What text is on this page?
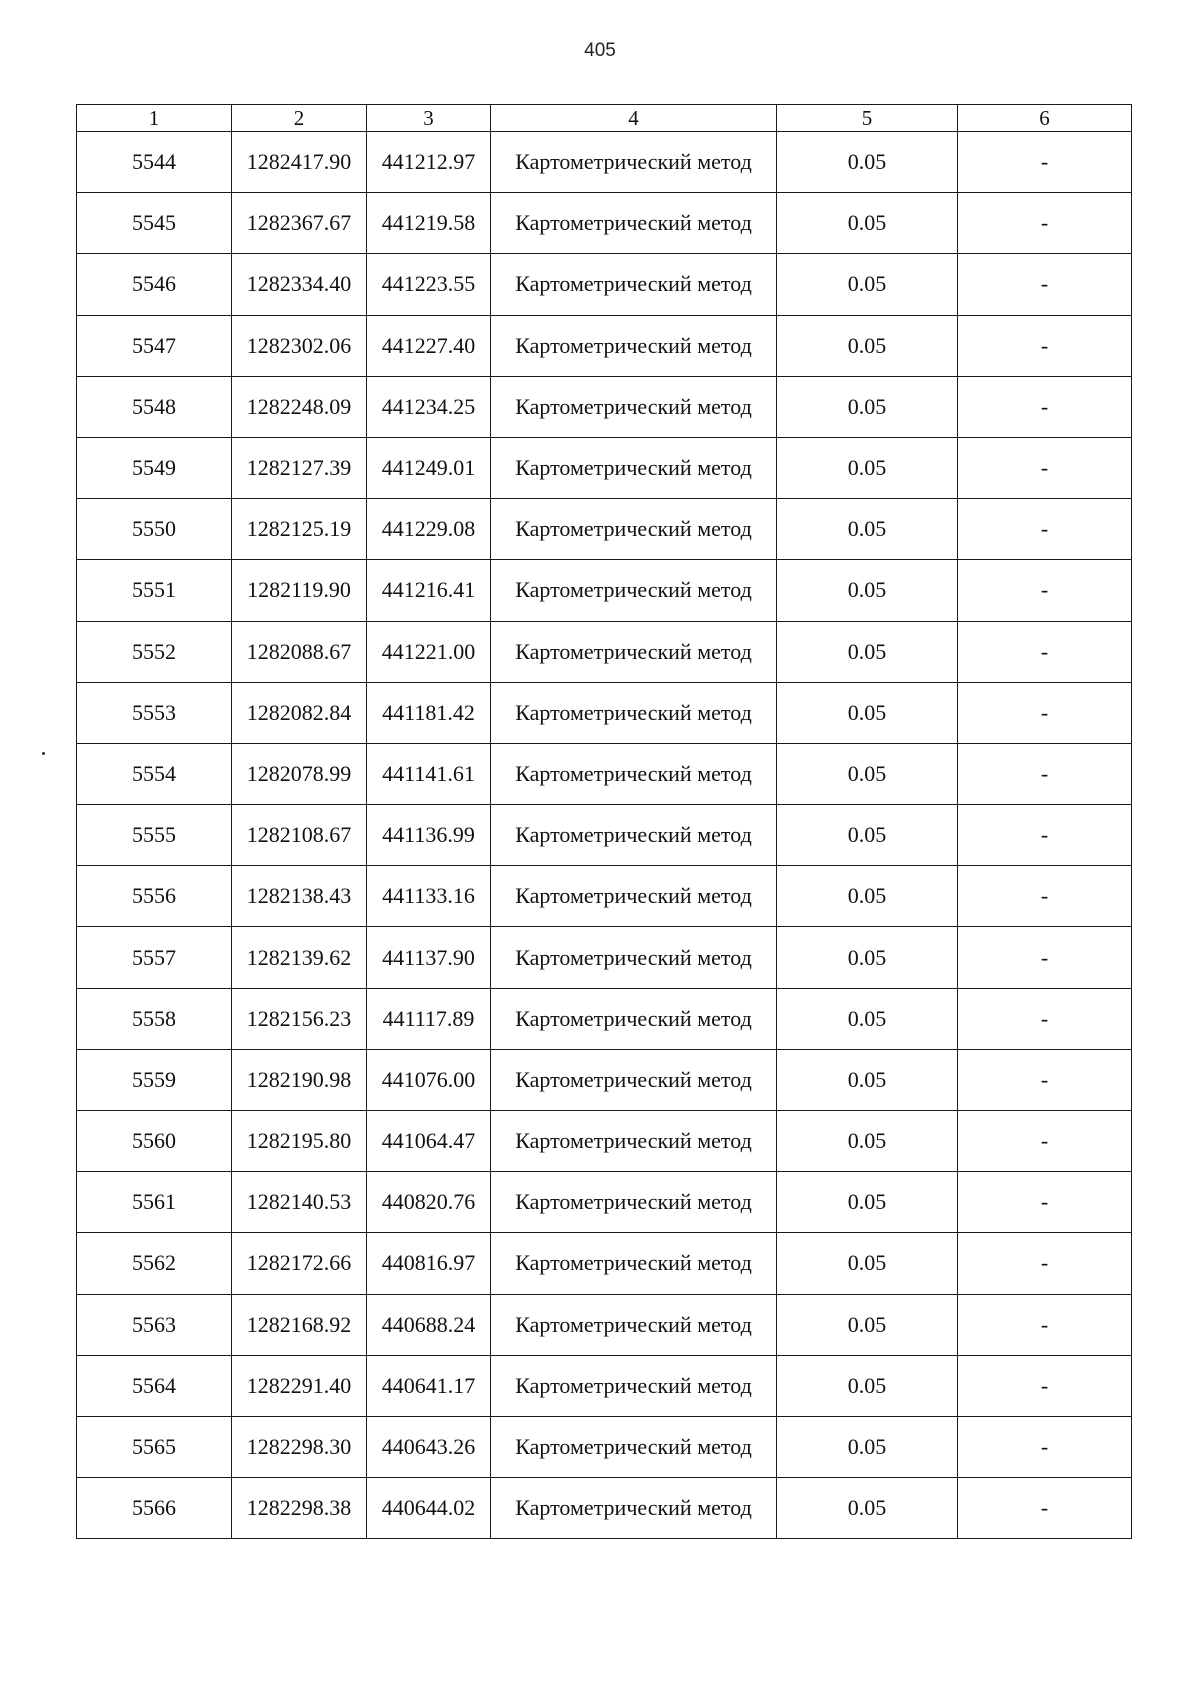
405
1	2	3	4	5	6
5544	1282417.90	441212.97	Картометрический метод	0.05	-
5545	1282367.67	441219.58	Картометрический метод	0.05	-
5546	1282334.40	441223.55	Картометрический метод	0.05	-
5547	1282302.06	441227.40	Картометрический метод	0.05	-
5548	1282248.09	441234.25	Картометрический метод	0.05	-
5549	1282127.39	441249.01	Картометрический метод	0.05	-
5550	1282125.19	441229.08	Картометрический метод	0.05	-
5551	1282119.90	441216.41	Картометрический метод	0.05	-
5552	1282088.67	441221.00	Картометрический метод	0.05	-
5553	1282082.84	441181.42	Картометрический метод	0.05	-
5554	1282078.99	441141.61	Картометрический метод	0.05	-
5555	1282108.67	441136.99	Картометрический метод	0.05	-
5556	1282138.43	441133.16	Картометрический метод	0.05	-
5557	1282139.62	441137.90	Картометрический метод	0.05	-
5558	1282156.23	441117.89	Картометрический метод	0.05	-
5559	1282190.98	441076.00	Картометрический метод	0.05	-
5560	1282195.80	441064.47	Картометрический метод	0.05	-
5561	1282140.53	440820.76	Картометрический метод	0.05	-
5562	1282172.66	440816.97	Картометрический метод	0.05	-
5563	1282168.92	440688.24	Картометрический метод	0.05	-
5564	1282291.40	440641.17	Картометрический метод	0.05	-
5565	1282298.30	440643.26	Картометрический метод	0.05	-
5566	1282298.38	440644.02	Картометрический метод	0.05	-
